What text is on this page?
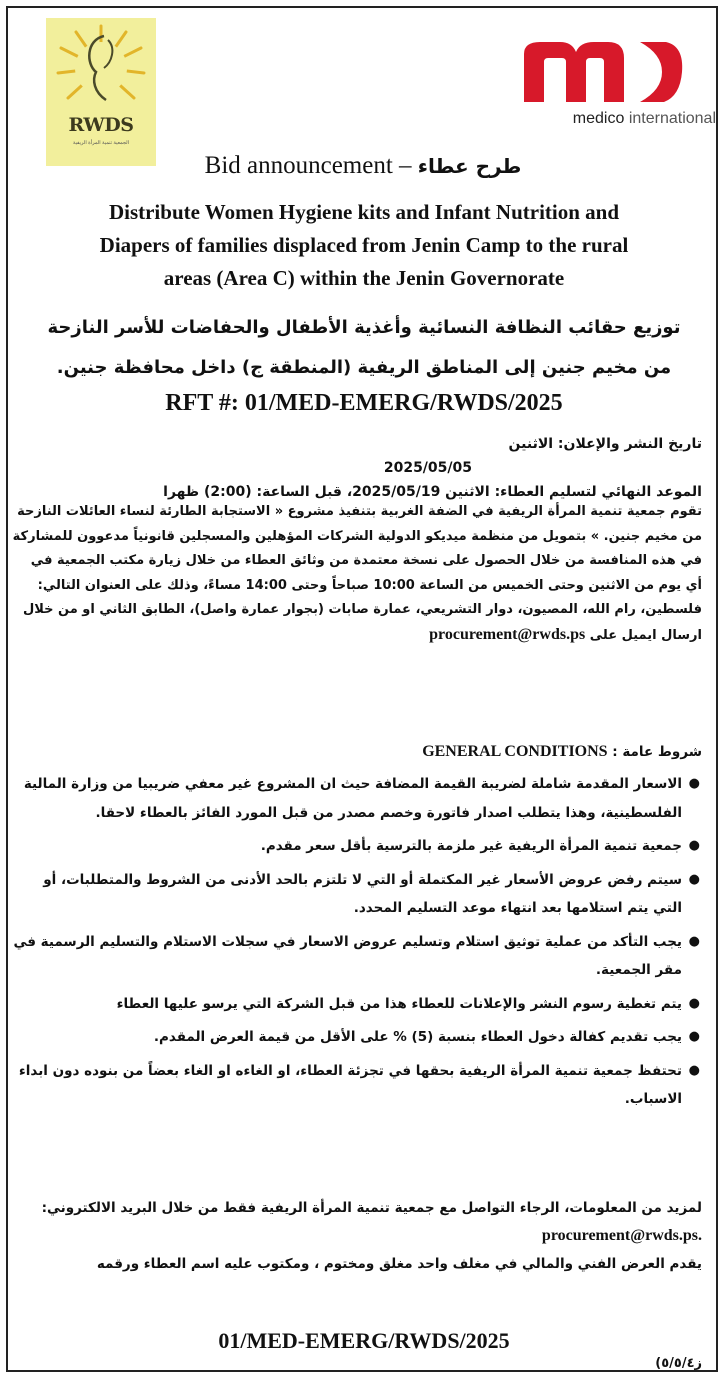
RWDS
الجمعية تنمية المرأة الريفية
medico international
Bid announcement – طرح عطاء
Distribute Women Hygiene kits and Infant Nutrition and
Diapers of families displaced from Jenin Camp to the rural
areas (Area C) within the Jenin Governorate
توزيع حقائب النظافة النسائية وأغذية الأطفال والحفاضات للأسر النازحة
من مخيم جنين إلى المناطق الريفية (المنطقة ج) داخل محافظة جنين.
RFT #: 01/MED-EMERG/RWDS/2025
تاريخ النشر والإعلان: الاثنين
2025/05/05
الموعد النهائي لتسليم العطاء: الاثنين 2025/05/19، قبل الساعة: (2:00) ظهرا

تقوم جمعية تنمية المرأة الريفية في الضفة الغربية بتنفيذ مشروع « الاستجابة الطارئة لنساء العائلات النازحة من مخيم جنين. » بتمويل من منظمة ميديكو الدولية الشركات المؤهلين والمسجلين قانونياً مدعوون للمشاركة في هذه المنافسة من خلال الحصول على نسخة معتمدة من وثائق العطاء من خلال زيارة مكتب الجمعية في أي يوم من الاثنين وحتى الخميس من الساعة 10:00 صباحاً وحتى 14:00 مساءً، وذلك على العنوان التالي: فلسطين، رام الله، المصيون، دوار التشريعي، عمارة صابات (بجوار عمارة واصل)، الطابق الثاني او من خلال ارسال ايميل على procurement@rwds.ps

شروط عامة : GENERAL CONDITIONS
●
الاسعار المقدمة شاملة لضريبة القيمة المضافة حيث ان المشروع غير معفي ضريبيا من وزارة المالية الفلسطينية، وهذا يتطلب اصدار فاتورة وخصم مصدر من قبل المورد الفائز بالعطاء لاحقا.
●
جمعية تنمية المرأة الريفية غير ملزمة بالترسية بأقل سعر مقدم.
●
سيتم رفض عروض الأسعار غير المكتملة أو التي لا تلتزم بالحد الأدنى من الشروط والمتطلبات، أو التي يتم استلامها بعد انتهاء موعد التسليم المحدد.
●
يجب التأكد من عملية توثيق استلام وتسليم عروض الاسعار في سجلات الاستلام والتسليم الرسمية في مقر الجمعية.
●
يتم تغطية رسوم النشر والإعلانات للعطاء هذا من قبل الشركة التي يرسو عليها العطاء
●
يجب تقديم كفالة دخول العطاء بنسبة (5) % على الأقل من قيمة العرض المقدم.
●
تحتفظ جمعية تنمية المرأة الريفية بحقها في تجزئة العطاء، او الغاءه او الغاء بعضاً من بنوده دون ابداء الاسباب.

لمزيد من المعلومات، الرجاء التواصل مع جمعية تنمية المرأة الريفية فقط من خلال البريد الالكتروني: procurement@rwds.ps.

يقدم العرض الفني والمالي في مغلف واحد مغلق ومختوم ، ومكتوب عليه اسم العطاء ورقمه

01/MED-EMERG/RWDS/2025
ز٥/٥/٤)
